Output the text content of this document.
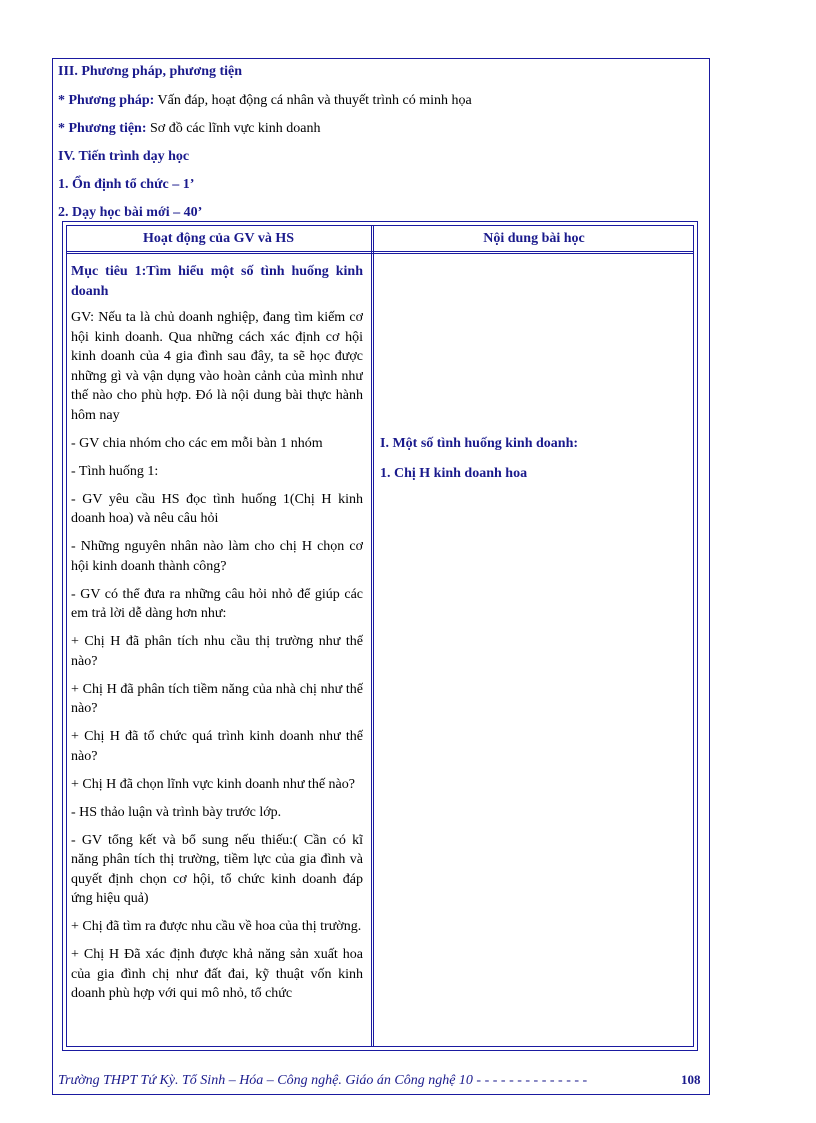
III. Phương pháp, phương tiện

* Phương pháp: Vấn đáp, hoạt động cá nhân và thuyết trình có minh họa

* Phương tiện: Sơ đồ các lĩnh vực kinh doanh

IV. Tiến trình dạy học

1. Ổn định tổ chức – 1’

2. Dạy học bài mới – 40’

Hoạt động của GV và HS	Nội dung bài học

Mục tiêu 1:Tìm hiểu một số tình huống kinh doanh

GV: Nếu ta là chủ doanh nghiệp, đang tìm kiếm cơ hội kinh doanh. Qua những cách xác định cơ hội kinh doanh của 4 gia đình sau đây, ta sẽ học được những gì và vận dụng vào hoàn cảnh của mình như thế nào cho phù hợp. Đó là nội dung bài thực hành hôm nay

- GV chia nhóm cho các em mỗi bàn 1 nhóm

- Tình huống 1:

- GV yêu cầu HS đọc tình huống 1(Chị H kinh doanh hoa) và nêu câu hỏi

- Những nguyên nhân nào làm cho chị H chọn cơ hội kinh doanh thành công?

- GV có thể đưa ra những câu hỏi nhỏ để giúp các em trả lời dễ dàng hơn như:

+ Chị H đã phân tích nhu cầu thị trường như thế nào?

+ Chị H đã phân tích tiềm năng của nhà chị như thế nào?

+ Chị H đã tổ chức quá trình kinh doanh như thế nào?

+ Chị H đã chọn lĩnh vực kinh doanh như thế nào?

- HS thảo luận và trình bày trước lớp.

- GV tổng kết và bổ sung nếu thiếu:( Cần có kĩ năng phân tích thị trường, tiềm lực của gia đình và quyết định chọn cơ hội, tổ chức kinh doanh đáp ứng hiệu quả)

+ Chị đã tìm ra được nhu cầu về hoa của thị trường.

+ Chị H Đã xác định được khả năng sản xuất hoa của gia đình chị như đất đai, kỹ thuật vốn kinh doanh phù hợp với qui mô nhỏ, tổ chức

I. Một số tình huống kinh doanh:

1. Chị H kinh doanh hoa

Trường THPT Tứ Kỳ. Tổ Sinh – Hóa – Công nghệ. Giáo án Công nghệ 10 - - - - - - - - - - - - - -	108
